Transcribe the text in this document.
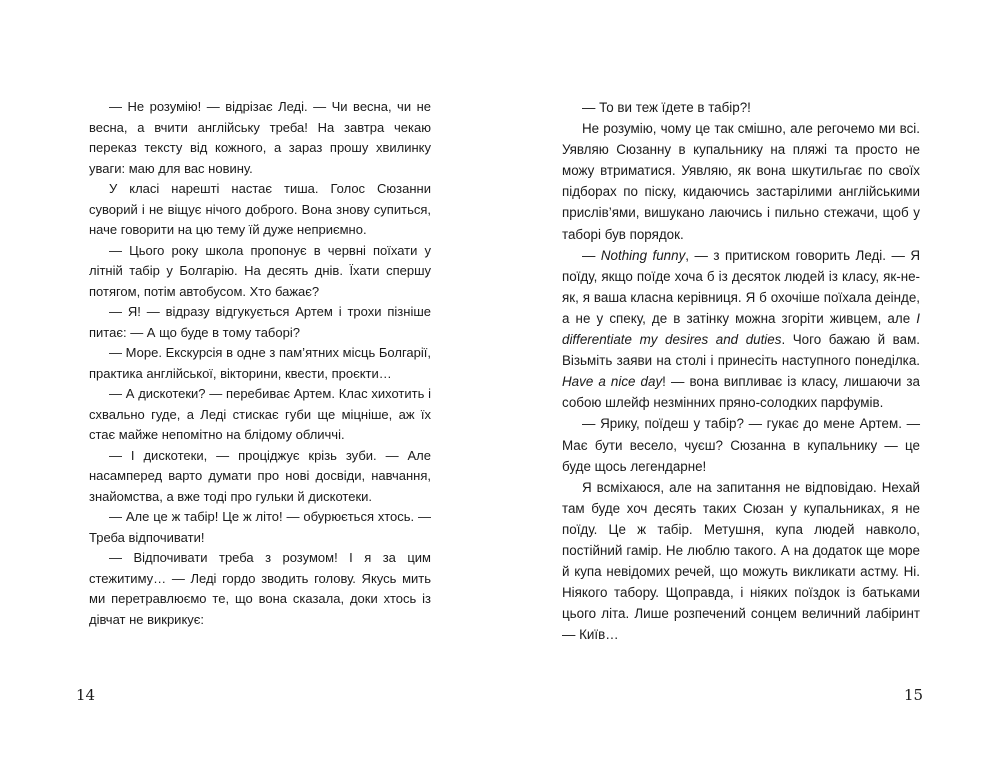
— Не розумію! — відрізає Леді. — Чи весна, чи не весна, а вчити англійську треба! На завтра чекаю переказ тексту від кожного, а зараз прошу хвилинку уваги: маю для вас новину.

У класі нарешті настає тиша. Голос Сюзанни суворий і не віщує нічого доброго. Вона знову супиться, наче говорити на цю тему їй дуже неприємно.

— Цього року школа пропонує в червні поїхати у літній табір у Болгарію. На десять днів. Їхати спершу потягом, потім автобусом. Хто бажає?

— Я! — відразу відгукується Артем і трохи пізніше питає: — А що буде в тому таборі?

— Море. Екскурсія в одне з пам’ятних місць Болгарії, практика англійської, вікторини, квести, проєкти…

— А дискотеки? — перебиває Артем. Клас хихотить і схвально гуде, а Леді стискає губи ще міцніше, аж їх стає майже непомітно на блідому обличчі.

— І дискотеки, — проціджує крізь зуби. — Але насамперед варто думати про нові досвіди, навчання, знайомства, а вже тоді про гульки й дискотеки.

— Але це ж табір! Це ж літо! — обурюється хтось. — Треба відпочивати!

— Відпочивати треба з розумом! І я за цим стежитиму… — Леді гордо зводить голову. Якусь мить ми перетравлюємо те, що вона сказала, доки хтось із дівчат не викрикує:

— То ви теж їдете в табір?!

Не розумію, чому це так смішно, але регочемо ми всі. Уявляю Сюзанну в купальнику на пляжі та просто не можу втриматися. Уявляю, як вона шкутильгає по своїх підборах по піску, кидаючись застарілими англійськими прислів’ями, вишукано лаючись і пильно стежачи, щоб у таборі був порядок.

— Nothing funny, — з притиском говорить Леді. — Я поїду, якщо поїде хоча б із десяток людей із класу, як-не-як, я ваша класна керівниця. Я б охочіше поїхала деінде, а не у спеку, де в затінку можна згоріти живцем, але I differentiate my desires and duties. Чого бажаю й вам. Візьміть заяви на столі і принесіть наступного понеділка. Have a nice day! — вона випливає із класу, лишаючи за собою шлейф незмінних пряно-солодких парфумів.

— Ярику, поїдеш у табір? — гукає до мене Артем. — Має бути весело, чуєш? Сюзанна в купальнику — це буде щось легендарне!

Я всміхаюся, але на запитання не відповідаю. Нехай там буде хоч десять таких Сюзан у купальниках, я не поїду. Це ж табір. Метушня, купа людей навколо, постійний гамір. Не люблю такого. А на додаток ще море й купа невідомих речей, що можуть викликати астму. Ні. Ніякого табору. Щоправда, і ніяких поїздок із батьками цього літа. Лише розпечений сонцем величний лабіринт — Київ…

14	15
